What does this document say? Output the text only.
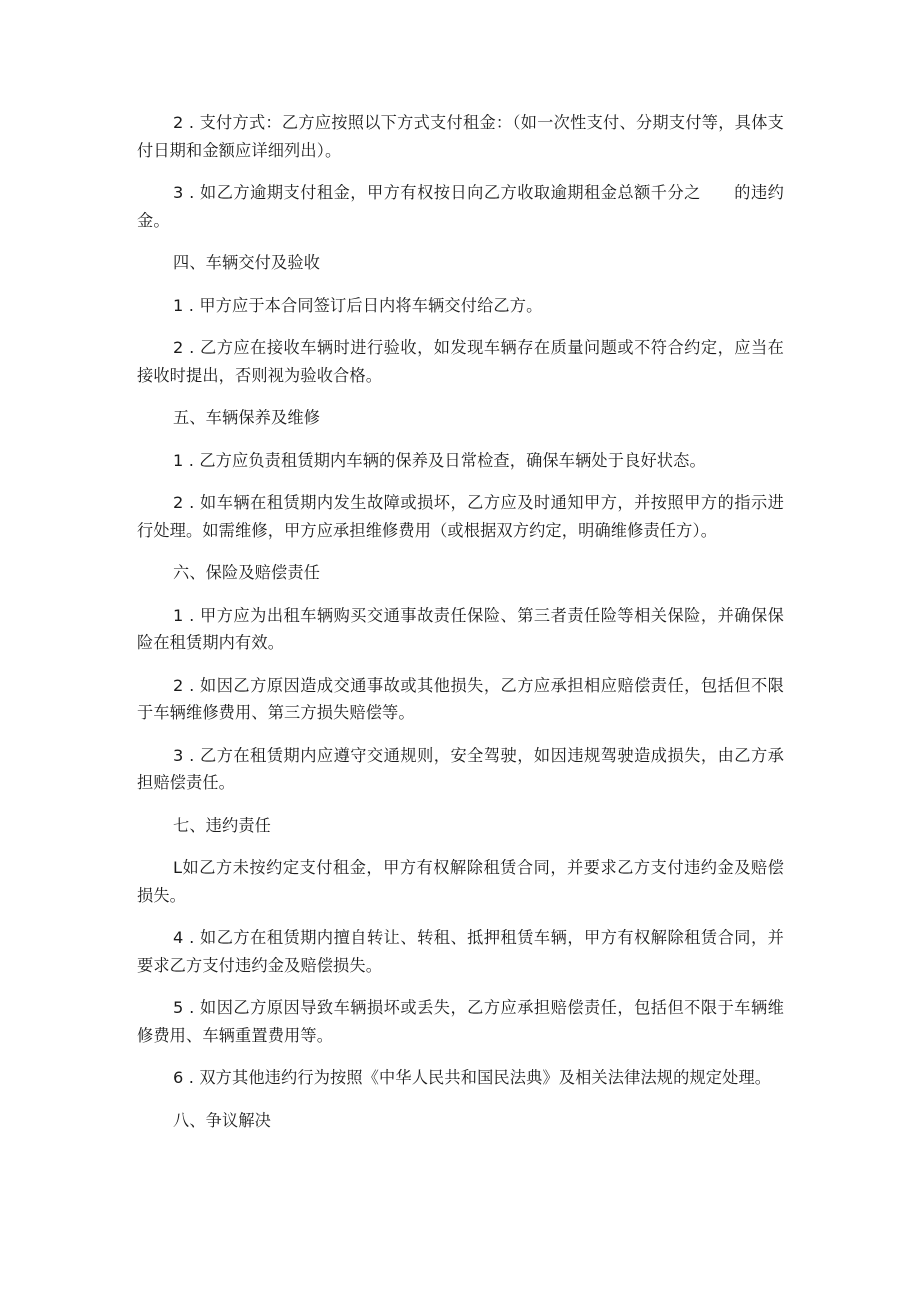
2 . 支付方式：乙方应按照以下方式支付租金：（如一次性支付、分期支付等，具体支付日期和金额应详细列出）。

3 . 如乙方逾期支付租金，甲方有权按日向乙方收取逾期租金总额千分之　　的违约金。

四、车辆交付及验收

1 . 甲方应于本合同签订后日内将车辆交付给乙方。

2 . 乙方应在接收车辆时进行验收，如发现车辆存在质量问题或不符合约定，应当在接收时提出，否则视为验收合格。

五、车辆保养及维修

1 . 乙方应负责租赁期内车辆的保养及日常检查，确保车辆处于良好状态。

2 . 如车辆在租赁期内发生故障或损坏，乙方应及时通知甲方，并按照甲方的指示进行处理。如需维修，甲方应承担维修费用（或根据双方约定，明确维修责任方）。

六、保险及赔偿责任

1 . 甲方应为出租车辆购买交通事故责任保险、第三者责任险等相关保险，并确保保险在租赁期内有效。

2 . 如因乙方原因造成交通事故或其他损失，乙方应承担相应赔偿责任，包括但不限于车辆维修费用、第三方损失赔偿等。

3 . 乙方在租赁期内应遵守交通规则，安全驾驶，如因违规驾驶造成损失，由乙方承担赔偿责任。

七、违约责任

L如乙方未按约定支付租金，甲方有权解除租赁合同，并要求乙方支付违约金及赔偿损失。

4 . 如乙方在租赁期内擅自转让、转租、抵押租赁车辆，甲方有权解除租赁合同，并要求乙方支付违约金及赔偿损失。

5 . 如因乙方原因导致车辆损坏或丢失，乙方应承担赔偿责任，包括但不限于车辆维修费用、车辆重置费用等。

6 . 双方其他违约行为按照《中华人民共和国民法典》及相关法律法规的规定处理。

八、争议解决
